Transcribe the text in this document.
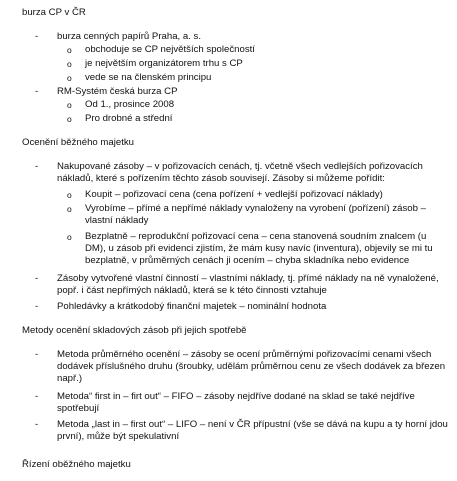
burza CP v ČR
- burza cenných papírů Praha, a. s.
o obchoduje se CP největších společností
o je největším organizátorem trhu s CP
o vede se na členském principu
- RM-Systém česká burza CP
o Od 1., prosince 2008
o Pro drobné a střední
Ocenění běžného majetku
- Nakupované zásoby – v pořizovacích cenách, tj. včetně všech vedlejších pořizovacích nákladů, které s pořízením těchto zásob souvisejí. Zásoby si můžeme pořídit:
o Koupit – pořizovací cena (cena pořízení + vedlejší pořizovací náklady)
o Vyrobíme – přímé a nepřímé náklady vynaloženy na vyrobení (pořízení) zásob – vlastní náklady
o Bezplatně – reprodukční pořizovací cena – cena stanovená soudním znalcem (u DM), u zásob při evidenci zjistím, že mám kusy navíc (inventura), objevily se mi tu bezplatně, v průměrných cenách ji ocením – chyba skladníka nebo evidence
- Zásoby vytvořené vlastní činností – vlastními náklady, tj. přímé náklady na ně vynaložené, popř. i část nepřímých nákladů, která se k této činnosti vztahuje
- Pohledávky a krátkodobý finanční majetek – nominální hodnota
Metody ocenění skladových zásob při jejich spotřebě
- Metoda průměrného ocenění – zásoby se ocení průměrnými pořizovacími cenami všech dodávek příslušného druhu (šroubky, udělám průměrnou cenu ze všech dodávek za březen např.)
- Metoda“ first in – firt out“ – FIFO – zásoby nejdříve dodané na sklad se také nejdříve spotřebují
- Metoda „last in – first out“ – LIFO – není v ČR přípustní (vše se dává na kupu a ty horní jdou první), může být spekulativní
Řízení oběžného majetku
